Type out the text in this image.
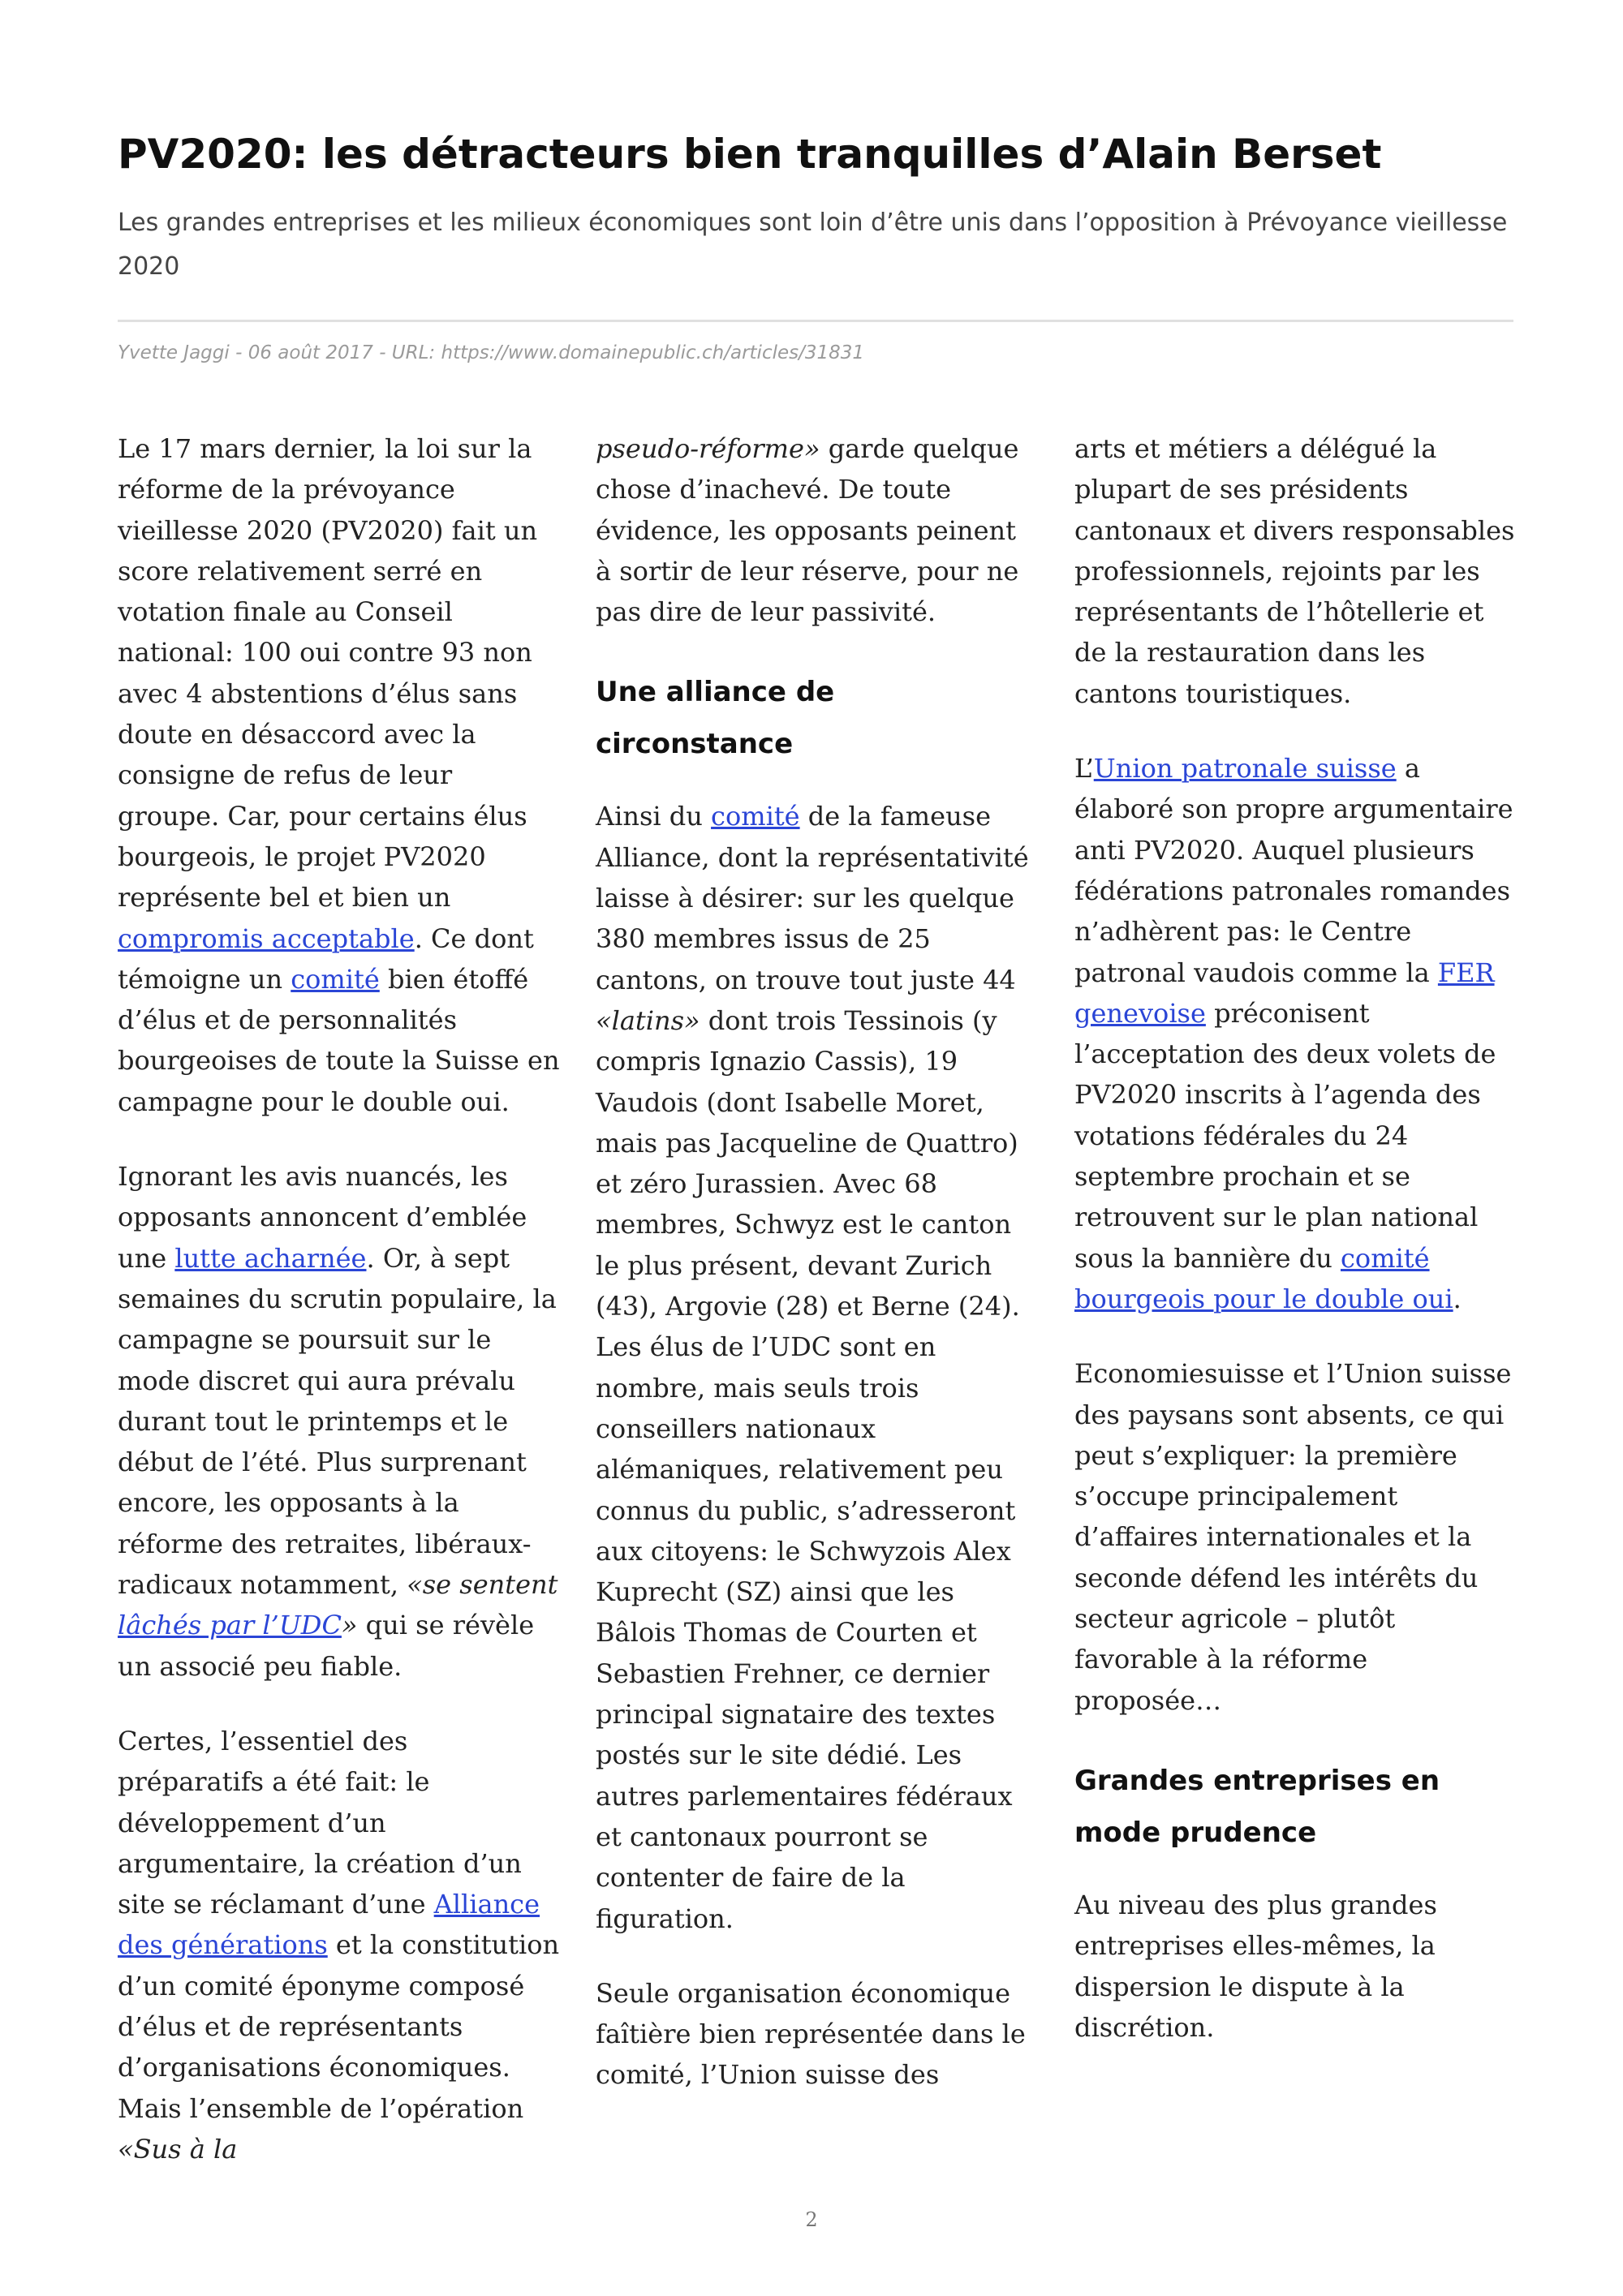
PV2020: les détracteurs bien tranquilles d’Alain Berset

Les grandes entreprises et les milieux économiques sont loin d’être unis dans l’opposition à Prévoyance vieillesse 2020

Yvette Jaggi - 06 août 2017 - URL: https://www.domainepublic.ch/articles/31831

Le 17 mars dernier, la loi sur la réforme de la prévoyance vieillesse 2020 (PV2020) fait un score relativement serré en votation finale au Conseil national: 100 oui contre 93 non avec 4 abstentions d’élus sans doute en désaccord avec la consigne de refus de leur groupe. Car, pour certains élus bourgeois, le projet PV2020 représente bel et bien un compromis acceptable. Ce dont témoigne un comité bien étoffé d’élus et de personnalités bourgeoises de toute la Suisse en campagne pour le double oui.

Ignorant les avis nuancés, les opposants annoncent d’emblée une lutte acharnée. Or, à sept semaines du scrutin populaire, la campagne se poursuit sur le mode discret qui aura prévalu durant tout le printemps et le début de l’été. Plus surprenant encore, les opposants à la réforme des retraites, libéraux-radicaux notamment, «se sentent lâchés par l’UDC» qui se révèle un associé peu fiable.

Certes, l’essentiel des préparatifs a été fait: le développement d’un argumentaire, la création d’un site se réclamant d’une Alliance des générations et la constitution d’un comité éponyme composé d’élus et de représentants d’organisations économiques. Mais l’ensemble de l’opération «Sus à la

pseudo-réforme» garde quelque chose d’inachevé. De toute évidence, les opposants peinent à sortir de leur réserve, pour ne pas dire de leur passivité.

Une alliance de circonstance

Ainsi du comité de la fameuse Alliance, dont la représentativité laisse à désirer: sur les quelque 380 membres issus de 25 cantons, on trouve tout juste 44 «latins» dont trois Tessinois (y compris Ignazio Cassis), 19 Vaudois (dont Isabelle Moret, mais pas Jacqueline de Quattro) et zéro Jurassien. Avec 68 membres, Schwyz est le canton le plus présent, devant Zurich (43), Argovie (28) et Berne (24). Les élus de l’UDC sont en nombre, mais seuls trois conseillers nationaux alémaniques, relativement peu connus du public, s’adresseront aux citoyens: le Schwyzois Alex Kuprecht (SZ) ainsi que les Bâlois Thomas de Courten et Sebastien Frehner, ce dernier principal signataire des textes postés sur le site dédié. Les autres parlementaires fédéraux et cantonaux pourront se contenter de faire de la figuration.

Seule organisation économique faîtière bien représentée dans le comité, l’Union suisse des

arts et métiers a délégué la plupart de ses présidents cantonaux et divers responsables professionnels, rejoints par les représentants de l’hôtellerie et de la restauration dans les cantons touristiques.

L’Union patronale suisse a élaboré son propre argumentaire anti PV2020. Auquel plusieurs fédérations patronales romandes n’adhèrent pas: le Centre patronal vaudois comme la FER genevoise préconisent l’acceptation des deux volets de PV2020 inscrits à l’agenda des votations fédérales du 24 septembre prochain et se retrouvent sur le plan national sous la bannière du comité bourgeois pour le double oui.

Economiesuisse et l’Union suisse des paysans sont absents, ce qui peut s’expliquer: la première s’occupe principalement d’affaires internationales et la seconde défend les intérêts du secteur agricole – plutôt favorable à la réforme proposée…

Grandes entreprises en mode prudence

Au niveau des plus grandes entreprises elles-mêmes, la dispersion le dispute à la discrétion.

2
